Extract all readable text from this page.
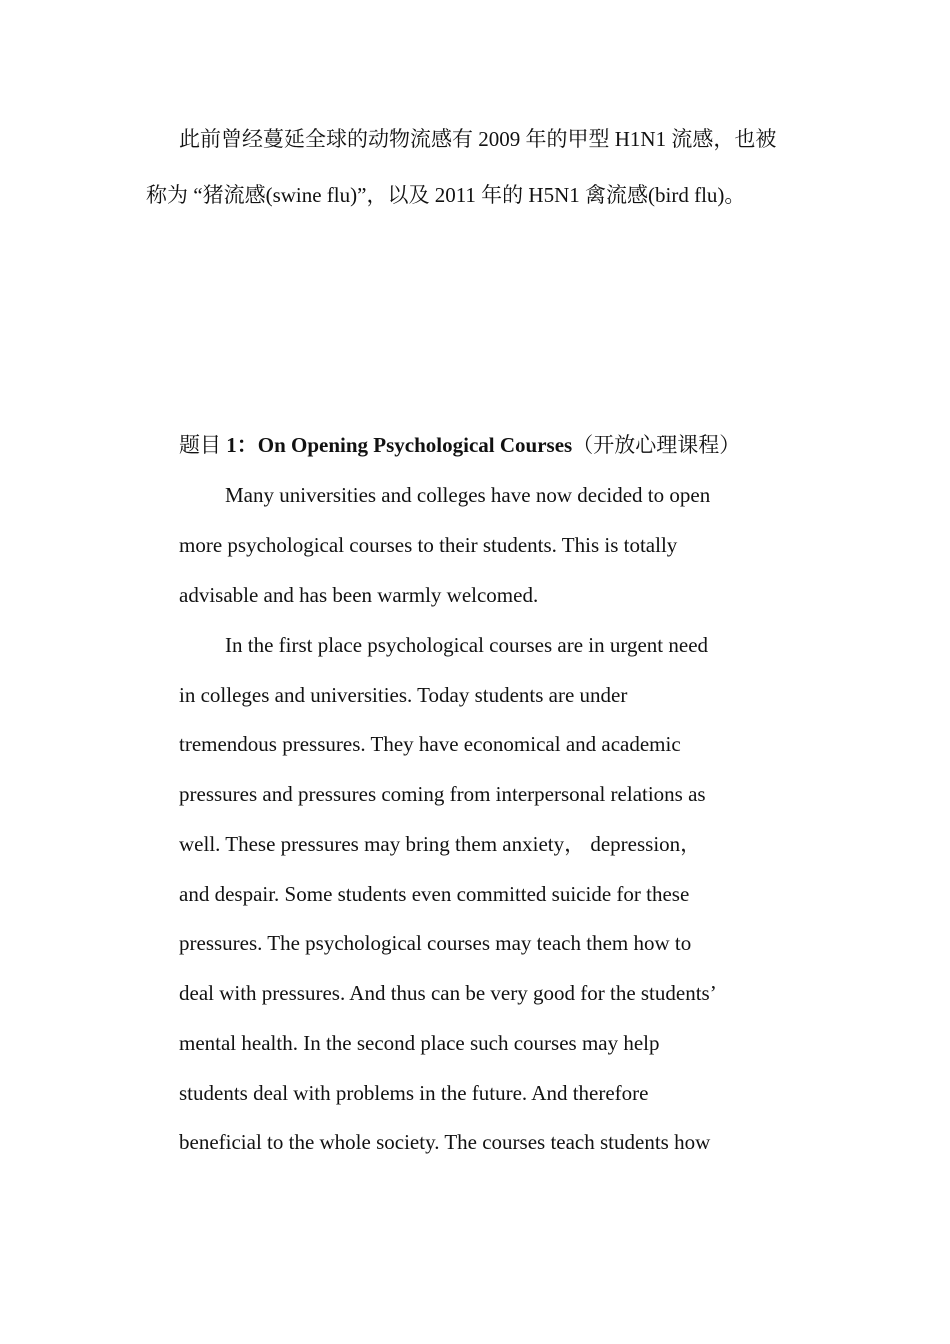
此前曾经蔓延全球的动物流感有 2009 年的甲型 H1N1 流感，也被
称为 “猪流感(swine flu)”，以及 2011 年的 H5N1 禽流感(bird flu)。
题目 1：On Opening Psychological Courses（开放心理课程）
Many universities and colleges have now decided to open
more psychological courses to their students. This is totally
advisable and has been warmly welcomed.
In the first place psychological courses are in urgent need
in colleges and universities. Today students are under
tremendous pressures. They have economical and academic
pressures and pressures coming from interpersonal relations as
well. These pressures may bring them anxiety， depression，
and despair. Some students even committed suicide for these
pressures. The psychological courses may teach them how to
deal with pressures. And thus can be very good for the students’
mental health. In the second place such courses may help
students deal with problems in the future. And therefore
beneficial to the whole society. The courses teach students how
